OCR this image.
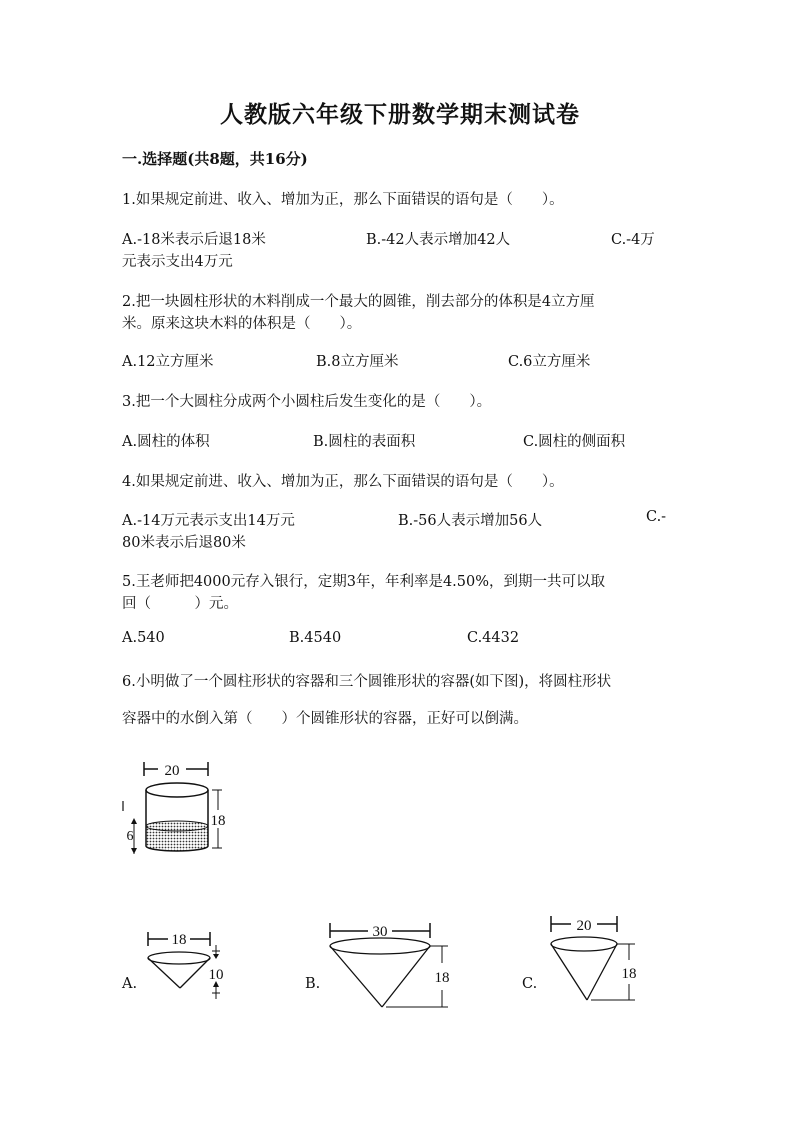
人教版六年级下册数学期末测试卷
一.选择题(共8题，共16分)
1.如果规定前进、收入、增加为正，那么下面错误的语句是（　　）。
A.-18米表示后退18米	B.-42人表示增加42人	C.-4万
元表示支出4万元
2.把一块圆柱形状的木料削成一个最大的圆锥，削去部分的体积是4立方厘
米。原来这块木料的体积是（　　）。
A.12立方厘米	B.8立方厘米	C.6立方厘米
3.把一个大圆柱分成两个小圆柱后发生变化的是（　　）。
A.圆柱的体积	B.圆柱的表面积	C.圆柱的侧面积
4.如果规定前进、收入、增加为正，那么下面错误的语句是（　　）。
A.-14万元表示支出14万元	B.-56人表示增加56人	C.-
80米表示后退80米
5.王老师把4000元存入银行，定期3年，年利率是4.50%，到期一共可以取
回（　　　）元。
A.540	B.4540	C.4432
6.小明做了一个圆柱形状的容器和三个圆锥形状的容器(如下图)，将圆柱形状
容器中的水倒入第（　　）个圆锥形状的容器，正好可以倒满。
20
18
6
A.
18
10
B.
30
18	C.
20
18
